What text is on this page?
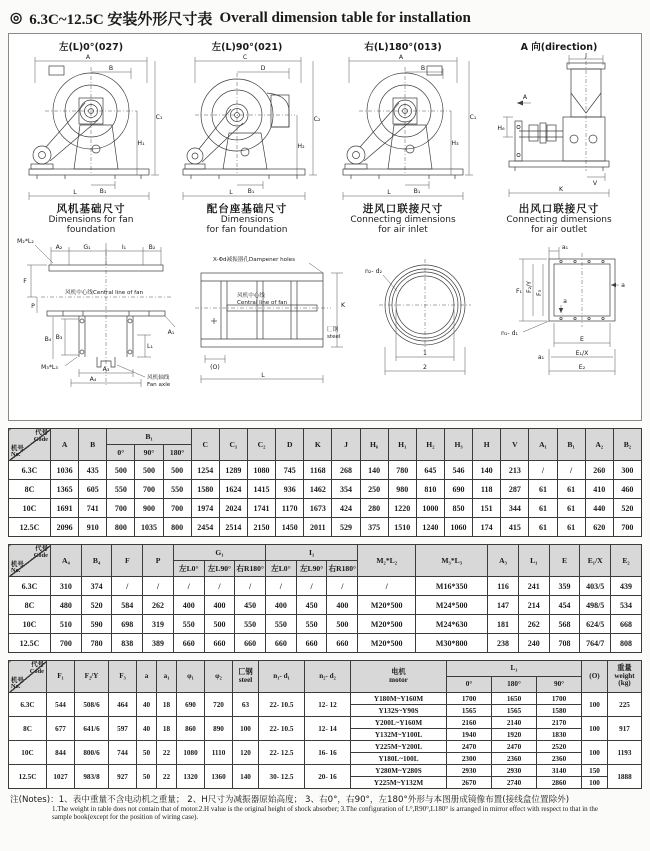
◎ 6.3C~12.5C 安装外形尺寸表 Overall dimension table for installation
左(L)0°(027)
A
B
C₁
H₁
B₁
L
风机基础尺寸
Dimensions for fan
foundation
左(L)90°(021)
C
D
C₂
H₂
B₁
L
配台座基础尺寸
Dimensions
for fan foundation
右(L)180°(013)
A
B
C₁
H₃
B₁
L
进风口联接尺寸
Connecting dimensions
for air inlet
A 向(direction)
J
A
H₆
V
K
出风口联接尺寸
Connecting dimensions
for air outlet
M₂*L₂
A₂	G₁	I₁	B₂
风机中心线Central line of fan
F
P
A₁
B₃
B₄
M₃*L₃
L₁
A₃
A₄	风机轴线
Fan axle
X-Φd减振器孔Dampener holes
风机中心线
Central line of fan	K
匚钢
steel
(O)
L
n₂- d₂
1
2
a₁
F₁ F₂/Y
F₃
a
a
n₁- d₁
E
a₁
E₁/X
E₂
代号
Code
机号
No.	A	B	B₁			C	C₁	C₂	D	K	J	H₆	H₁	H₂	H₃	H	V	A₁	B₁	A₂	B₂
			0°	90°	180°																
6.3C	1036	435	500	500	500	1254	1289	1080	745	1168	268	140	780	645	546	140	213	/	/	260	300
8C	1365	605	550	700	550	1580	1624	1415	936	1462	354	250	980	810	690	118	287	61	61	410	460
10C	1691	741	700	900	700	1974	2024	1741	1170	1673	424	280	1220	1000	850	151	344	61	61	440	520
12.5C	2096	910	800	1035	800	2454	2514	2150	1450	2011	529	375	1510	1240	1060	174	415	61	61	620	700
代号
Code
机号
No.	A₄	B₄	F	P	G₁			I₁			M₂*L₂	M₃*L₃	A₃	L₁	E	E₁/X	E₂
					左L0°	左L90°	右R180°	左L0°	左L90°	右R180°							
6.3C	310	374	/	/	/	/	/	/	/	/	/	M16*350	116	241	359	403/5	439
8C	480	520	584	262	400	400	450	400	450	400	M20*500	M24*500	147	214	454	498/5	534
10C	510	590	698	319	550	500	550	550	550	500	M20*500	M24*630	181	262	568	624/5	668
12.5C	700	780	838	389	660	660	660	660	660	660	M20*500	M30*800	238	240	708	764/7	808
代号
Code
机号
No.	F₁	F₂/Y	F₃	a	a₁	φ₁	φ₂	匚钢
steel	n₁- d₁	n₂- d₂	电机
motor	L₁			(O)	重量
weight
(kg)
												0°	180°	90°		
6.3C	544	508/6	464	40	18	690	720	63	22- 10.5	12- 12	Y180M~Y160M	1700	1650	1700	100	225
											Y132S~Y90S	1565	1565	1580		
8C	677	641/6	597	40	18	860	890	100	22- 10.5	12- 14	Y200L~Y160M	2160	2140	2170	100	917
											Y132M~Y100L	1940	1920	1830		
10C	844	800/6	744	50	22	1080	1110	120	22- 12.5	16- 16	Y225M~Y200L	2470	2470	2520	100	1193
											Y180L~100L	2300	2360	2360		
12.5C	1027	983/8	927	50	22	1320	1360	140	30- 12.5	20- 16	Y280M~Y280S	2930	2930	3140	150	1888
											Y225M~Y132M	2670	2740	2860	100	
注(Notes)：1、表中重量不含电动机之重量； 2、H尺寸为减振器原始高度； 3、右0°，右90°，左180°外形与本图册成镜像布置(接线盒位置除外)
1.The weight in table does not contain that of motor.2.H value is the original height of shock absorber; 3.The configuration of L°,R90°,L180° is arranged in mirror effect with respect to that in the sample book(except for the position of wiring case).
